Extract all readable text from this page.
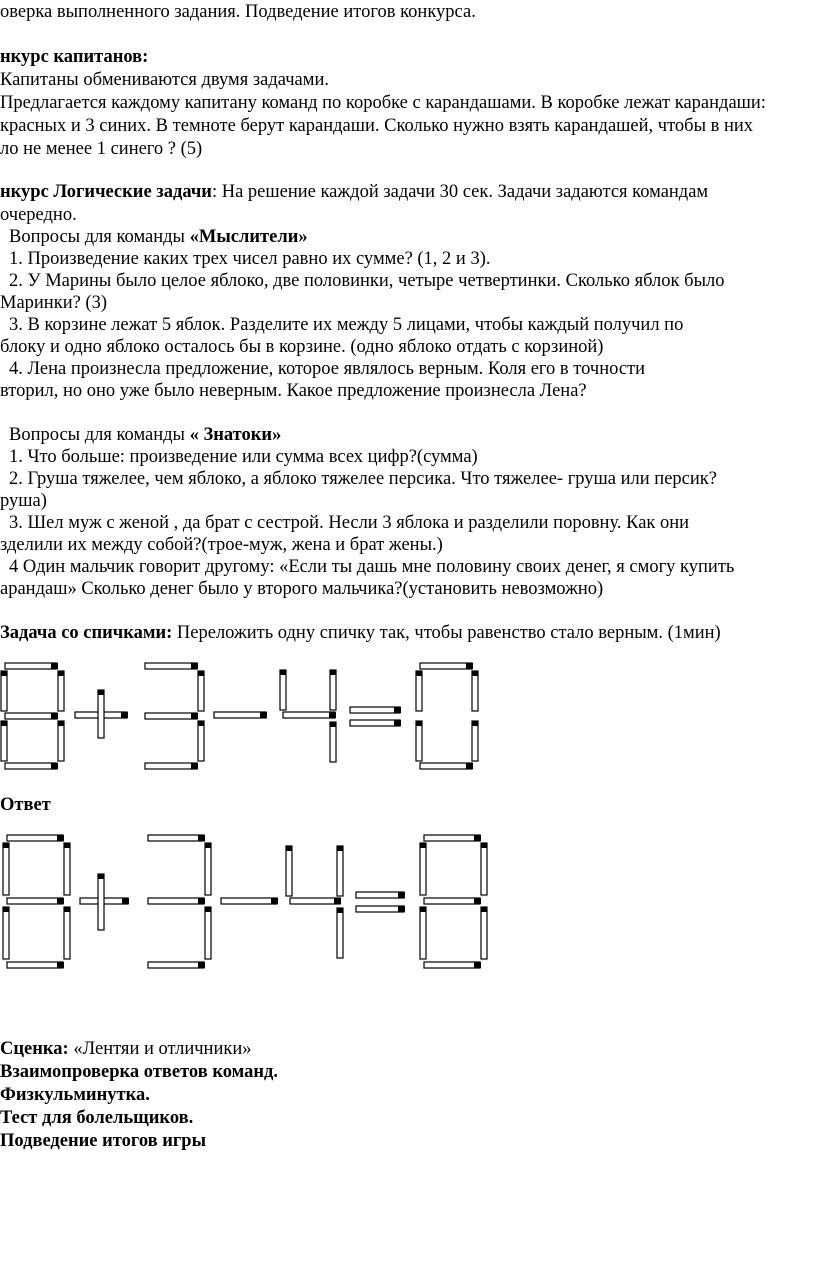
оверка выполненного задания. Подведение итогов конкурса.
нкурс капитанов:
Капитаны обмениваются двумя задачами.
Предлагается каждому капитану команд по коробке с карандашами. В коробке лежат карандаши:
красных и 3 синих. В темноте берут карандаши. Сколько нужно взять карандашей, чтобы в них
ло не менее 1 синего ? (5)
нкурс Логические задачи: На решение каждой задачи 30 сек. Задачи задаются командам
очередно.
Вопросы для команды «Мыслители»
1. Произведение каких трех чисел равно их сумме? (1, 2 и 3).
2. У Марины было целое яблоко, две половинки, четыре четвертинки. Сколько яблок было
Маринки? (3)
3. В корзине лежат 5 яблок. Разделите их между 5 лицами, чтобы каждый получил по
блоку и одно яблоко осталось бы в корзине. (одно яблоко отдать с корзиной)
4. Лена произнесла предложение, которое являлось верным. Коля его в точности
вторил, но оно уже было неверным. Какое предложение произнесла Лена?
Вопросы для команды « Знатоки»
1. Что больше: произведение или сумма всех цифр?(сумма)
2. Груша тяжелее, чем яблоко, а яблоко тяжелее персика. Что тяжелее- груша или персик?
руша)
3. Шел муж с женой , да брат с сестрой. Несли 3 яблока и разделили поровну. Как они
зделили их между собой?(трое-муж, жена и брат жены.)
4 Один мальчик говорит другому: «Если ты дашь мне половину своих денег, я смогу купить
арандаш» Сколько денег было у второго мальчика?(установить невозможно)
Задача со спичками: Переложить одну спичку так, чтобы равенство стало верным. (1мин)
Ответ
Сценка: «Лентяи и отличники»
Взаимопроверка ответов команд.
Физкульминутка.
Тест для болельщиков.
Подведение итогов игры
